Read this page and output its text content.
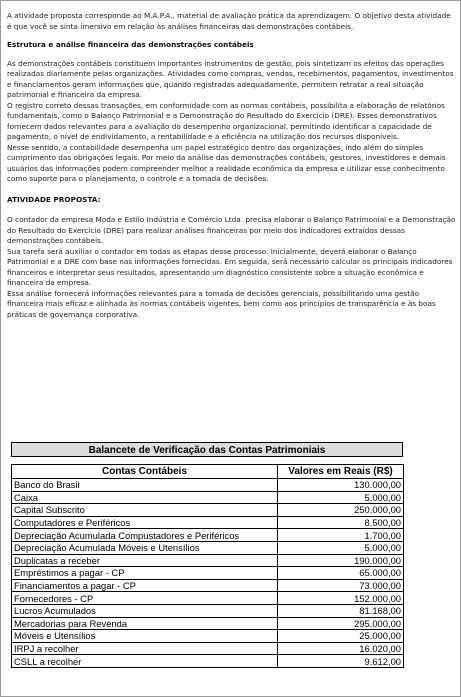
A atividade proposta corresponde ao M.A.P.A., material de avaliação prática da aprendizagem. O objetivo desta atividade é que você se sinta imersivo em relação às análises financeiras das demonstrações contábeis.

Estrutura e análise financeira das demonstrações contábeis

As demonstrações contábeis constituem importantes instrumentos de gestão, pois sintetizam os efeitos das operações realizadas diariamente pelas organizações. Atividades como compras, vendas, recebimentos, pagamentos, investimentos e financiamentos geram informações que, quando registradas adequadamente, permitem retratar a real situação patrimonial e financeira da empresa.

O registro correto dessas transações, em conformidade com as normas contábeis, possibilita a elaboração de relatórios fundamentais, como o Balanço Patrimonial e a Demonstração do Resultado do Exercício (DRE). Esses demonstrativos fornecem dados relevantes para a avaliação do desempenho organizacional, permitindo identificar a capacidade de pagamento, o nível de endividamento, a rentabilidade e a eficiência na utilização dos recursos disponíveis.

Nesse sentido, a contabilidade desempenha um papel estratégico dentro das organizações, indo além do simples cumprimento das obrigações legais. Por meio da análise das demonstrações contábeis, gestores, investidores e demais usuários das informações podem compreender melhor a realidade econômica da empresa e utilizar esse conhecimento como suporte para o planejamento, o controle e a tomada de decisões.

ATIVIDADE PROPOSTA:

O contador da empresa Moda e Estilo Indústria e Comércio Ltda. precisa elaborar o Balanço Patrimonial e a Demonstração do Resultado do Exercício (DRE) para realizar análises financeiras por meio dos indicadores extraídos dessas demonstrações contábeis.

Sua tarefa será auxiliar o contador em todas as etapas desse processo. Inicialmente, deverá elaborar o Balanço Patrimonial e a DRE com base nas informações fornecidas. Em seguida, será necessário calcular os principais indicadores financeiros e interpretar seus resultados, apresentando um diagnóstico consistente sobre a situação econômica e financeira da empresa.

Essa análise fornecerá informações relevantes para a tomada de decisões gerenciais, possibilitando uma gestão financeira mais eficaz e alinhada às normas contábeis vigentes, bem como aos princípios de transparência e às boas práticas de governança corporativa.

Balancete de Verificação das Contas Patrimoniais
Contas Contábeis	Valores em Reais (R$)
Banco do Brasil	130.000,00
Caixa	5.000,00
Capital Subscrito	250.000,00
Computadores e Periféricos	8.500,00
Depreciação Acumulada Compustadores e Periféricos	1.700,00
Depreciação Acumulada Móveis e Utensílios	5.000,00
Duplicatas a receber	190.000,00
Empréstimos a pagar - CP	65.000,00
Financiamentos a pagar - CP	73.000,00
Fornecedores - CP	152.000,00
Lucros Acumulados	81.168,00
Mercadorias para Revenda	295.000,00
Móveis e Utensílios	25.000,00
IRPJ a recolher	16.020,00
CSLL a recolher	9.612,00
